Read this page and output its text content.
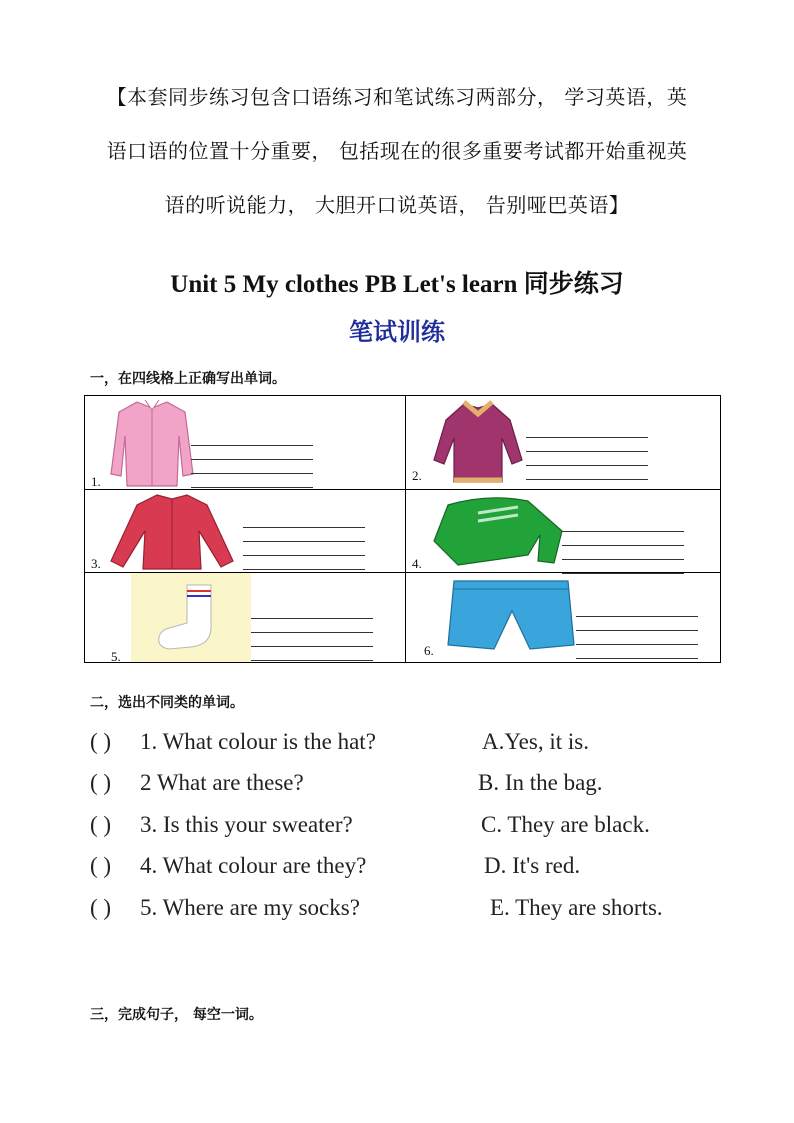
【本套同步练习包含口语练习和笔试练习两部分， 学习英语，英
语口语的位置十分重要， 包括现在的很多重要考试都开始重视英
语的听说能力， 大胆开口说英语， 告别哑巴英语】
Unit 5 My clothes PB Let's learn 同步练习
笔试训练
一，在四线格上正确写出单词。
1.	2.

3.	4.

5.	6.
二，选出不同类的单词。
( ) 1. What colour is the hat?	A.Yes, it is.
( ) 2 What are these?	B. In the bag.
( ) 3. Is this your sweater?	C. They are black.
( ) 4. What colour are they?	D. It's red.
( ) 5. Where are my socks?	E. They are shorts.
三，完成句子， 每空一词。
